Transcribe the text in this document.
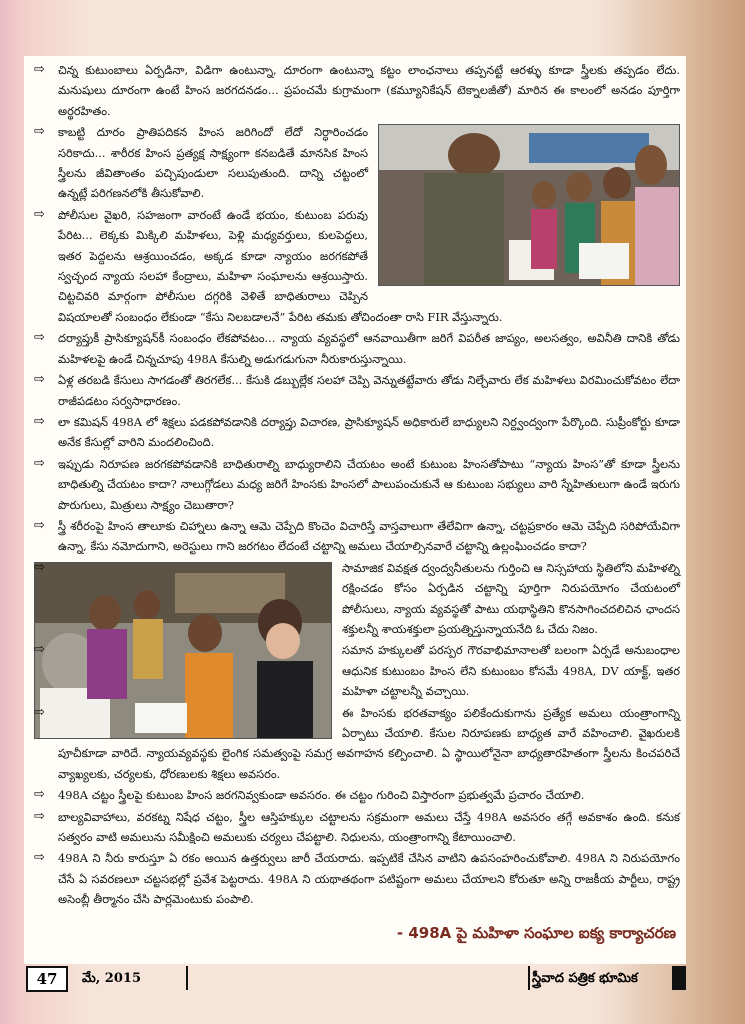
⇨	చిన్న కుటుంబాలు ఏర్పడినా, విడిగా ఉంటున్నా, దూరంగా ఉంటున్నా కట్టం లాంఛనాలు తప్పనట్టే ఆరళ్ళు కూడా స్త్రీలకు తప్పడం లేదు. మనుషులు దూరంగా ఉంటే హింస జరగదనడం... ప్రపంచమే కుగ్రామంగా (కమ్యూనికేషన్ టెక్నాలజీతో) మారిన ఈ కాలంలో అనడం పూర్తిగా అర్థరహితం.
⇨	కాబట్టి దూరం ప్రాతిపదికన హింస జరిగిందో లేదో నిర్ధారించడం సరికాదు... శారీరక హింస ప్రత్యక్ష సాక్ష్యంగా కనబడితే మానసిక హింస స్త్రీలను జీవితాంతం పచ్చిపుండులా సలుపుతుంది. దాన్ని చట్టంలో ఉన్నట్లే పరిగణనలోకి తీసుకోవాలి.
⇨	పోలీసుల వైఖరి, సహజంగా వారంటే ఉండే భయం, కుటుంబ పరువు పేరిట... లెక్కకు మిక్కిలి మహిళలు, పెళ్లి మధ్యవర్తులు, కులపెద్దలు, ఇతర పెద్దలను ఆశ్రయించడం, అక్కడ కూడా న్యాయం జరగకపోతే స్వచ్ఛంద న్యాయ సలహా కేంద్రాలు, మహిళా సంఘాలను ఆశ్రయిస్తారు. చిట్టచివరి మార్గంగా పోలీసుల దగ్గరికి వెళితే బాధితురాలు చెప్పిన విషయాలతో సంబంధం లేకుండా “కేసు నిలబడాలనే” పేరిట తమకు తోచిందంతా రాసి FIR వేస్తున్నారు.
⇨	దర్యాప్తుకీ ప్రాసిక్యూషన్‌కీ సంబంధం లేకపోవటం... న్యాయ వ్యవస్థలో ఆనవాయితీగా జరిగే విపరీత జాప్యం, అలసత్వం, అవినీతి దానికి తోడు మహిళలపై ఉండే చిన్నచూపు 498A కేసుల్ని అడుగడుగునా నీరుకారుస్తున్నాయి.
⇨	ఏళ్ల తరబడి కేసులు సాగడంతో తిరగలేక... కేసుకి డబ్బుల్లేక సలహా చెప్పి వెన్నుతట్టేవారు తోడు నిల్చేవారు లేక మహిళలు విరమించుకోవటం లేదా రాజీపడటం సర్వసాధారణం.
⇨	లా కమిషన్ 498A లో శిక్షలు పడకపోవడానికి దర్యాప్తు విచారణ, ప్రాసిక్యూషన్ అధికారులే బాధ్యులని నిర్ద్వంద్వంగా పేర్కొంది. సుప్రీంకోర్టు కూడా అనేక కేసుల్లో వారిని మందలించింది.
⇨	ఇప్పుడు నిరూపణ జరగకపోవడానికి బాధితురాల్ని బాధ్యురాలిని చేయటం అంటే కుటుంబ హింసతోపాటు “న్యాయ హింస”తో కూడా స్త్రీలను బాధితుల్ని చేయటం కాదా? నాలుగ్గోడలు మధ్య జరిగే హింసకు హింసలో పాలుపంచుకునే ఆ కుటుంబ సభ్యులు వారి స్నేహితులుగా ఉండే ఇరుగు పొరుగులు, మిత్రులు సాక్ష్యం చెబుతారా?
⇨	స్త్రీ శరీరంపై హింస తాలూకు చిహ్నాలు ఉన్నా ఆమె చెప్పేది కొంచెం విచారిస్తే వాస్తవాలుగా తేలేవిగా ఉన్నా, చట్టప్రకారం ఆమె చెప్పేది సరిపోయేవిగా ఉన్నా, కేసు నమోదుగాని, అరెస్టులు గాని జరగటం లేదంటే చట్టాన్ని అమలు చేయాల్సినవారే చట్టాన్ని ఉల్లంఘించడం కాదా?
⇨	సామాజిక వివక్షత ద్వంద్వనీతులను గుర్తించి ఆ నిస్సహాయ స్థితిలోని మహిళల్ని రక్షించడం కోసం ఏర్పడిన చట్టాన్ని పూర్తిగా నిరుపయోగం చేయటంలో పోలీసులు, న్యాయ వ్యవస్థతో పాటు యథాస్థితిని కొనసాగించదలిచిన ఛాందస శక్తులన్నీ శాయశక్తులా ప్రయత్నిస్తున్నాయనేది ఓ చేదు నిజం.
⇨	సమాన హక్కులతో పరస్పర గౌరవాభిమానాలతో బలంగా ఏర్పడే అనుబంధాల ఆధునిక కుటుంబం హింస లేని కుటుంబం కోసమే 498A, DV యాక్ట్, ఇతర మహిళా చట్టాలన్నీ వచ్చాయి.
⇨	ఈ హింసకు భరతవాక్యం పలికేందుకుగాను ప్రత్యేక అమలు యంత్రాంగాన్ని ఏర్పాటు చేయాలి. కేసుల నిరూపణకు బాధ్యత వారే వహించాలి. వైఖరులకి పూచీకూడా వారిదే. న్యాయవ్యవస్థకు లైంగిక సమత్వంపై సమగ్ర అవగాహన కల్పించాలి. ఏ స్థాయిలోనైనా బాధ్యతారహితంగా స్త్రీలను కించపరిచే వ్యాఖ్యలకు, చర్యలకు, ధోరణులకు శిక్షలు అవసరం.
⇨	498A చట్టం స్త్రీలపై కుటుంబ హింస జరగనివ్వకుండా అవసరం. ఈ చట్టం గురించి విస్తారంగా ప్రభుత్వమే ప్రచారం చేయాలి.
⇨	బాల్యవివాహాలు, వరకట్న నిషేధ చట్టం, స్త్రీల ఆస్తిహక్కుల చట్టాలను సక్రమంగా అమలు చేస్తే 498A అవసరం తగ్గే అవకాశం ఉంది. కనుక సత్వరం వాటి అమలును సమీక్షించి అమలుకు చర్యలు చేపట్టాలి. నిధులను, యంత్రాంగాన్ని కేటాయించాలి.
⇨	498A ని నీరు కారుస్తూ ఏ రకం అయిన ఉత్తర్వులు జారీ చేయరాదు. ఇప్పటికే చేసిన వాటిని ఉపసంహరించుకోవాలి. 498A ని నిరుపయోగం చేసే ఏ సవరణలూ చట్టసభల్లో ప్రవేశ పెట్టరాదు. 498A ని యథాతథంగా పటిష్టంగా అమలు చేయాలని కోరుతూ అన్ని రాజకీయ పార్టీలు, రాష్ట్ర అసెంబ్లీ తీర్మానం చేసి పార్లమెంటుకు పంపాలి.
- 498A పై మహిళా సంఘాల ఐక్య కార్యాచరణ
47	మే, 2015	స్త్రీవాద పత్రిక భూమిక
